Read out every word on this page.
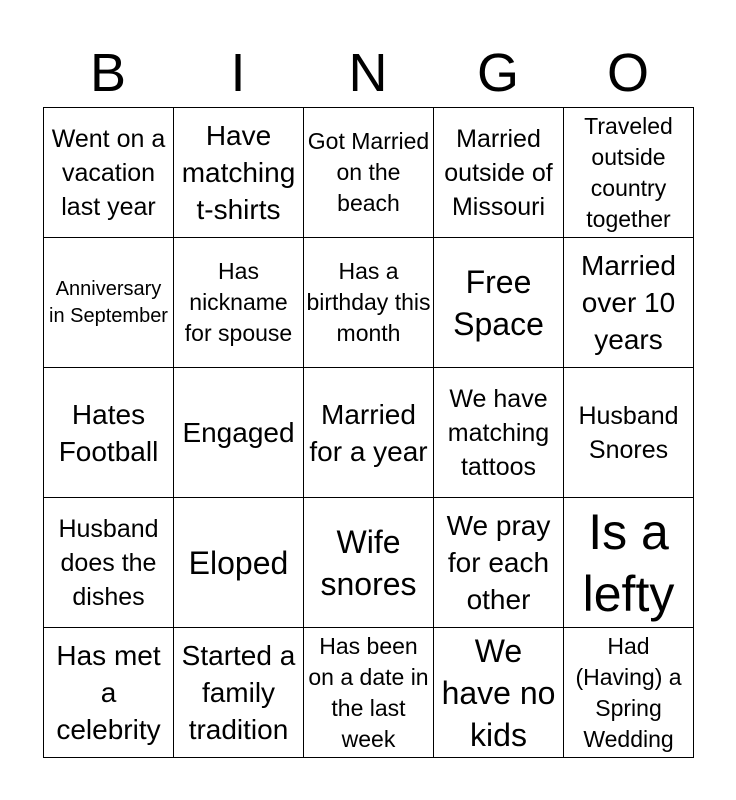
B	I	N	G	O
Went on a vacation last year
Have matching t-shirts
Got Married on the beach
Married outside of Missouri
Traveled outside country together
Anniversary in September
Has nickname for spouse
Has a birthday this month
Free Space
Married over 10 years
Hates Football
Engaged
Married for a year
We have matching tattoos
Husband Snores
Husband does the dishes
Eloped
Wife snores
We pray for each other
Is a lefty
Has met a celebrity
Started a family tradition
Has been on a date in the last week
We have no kids
Had (Having) a Spring Wedding
